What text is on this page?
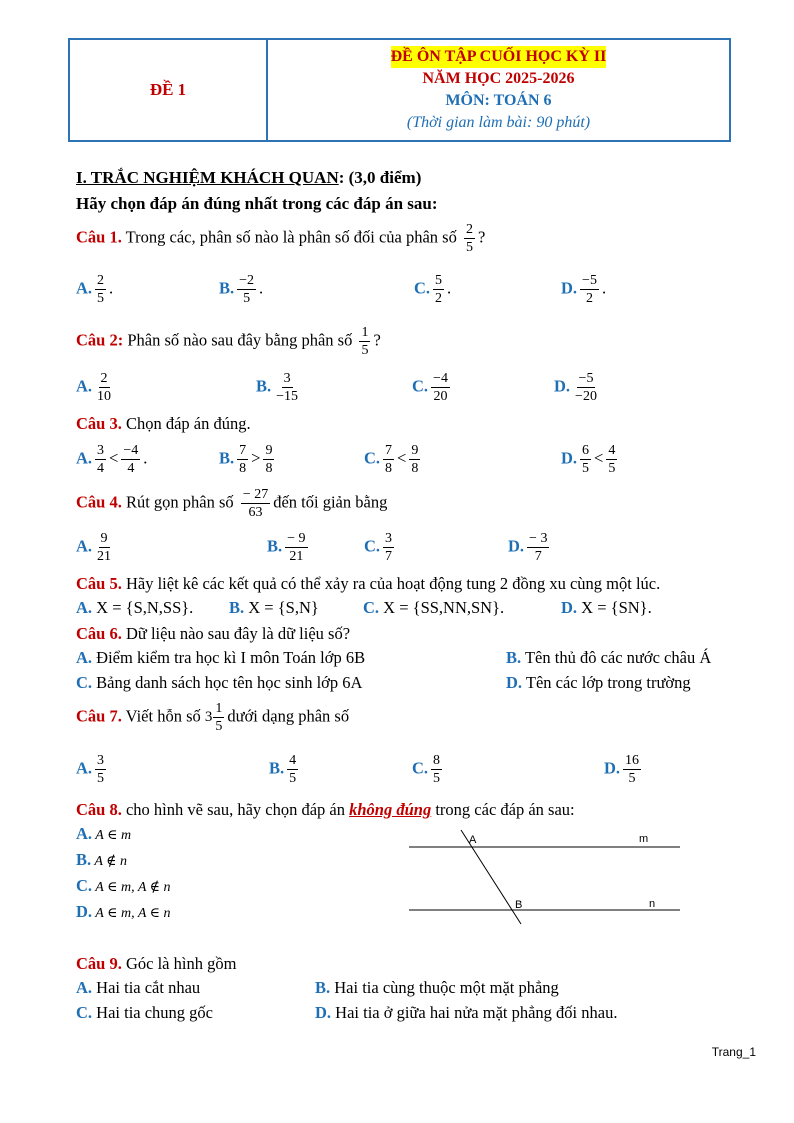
ĐỀ 1
ĐỀ ÔN TẬP CUỐI HỌC KỲ II
NĂM HỌC 2025-2026
MÔN: TOÁN 6
(Thời gian làm bài: 90 phút)
I. TRẮC NGHIỆM KHÁCH QUAN: (3,0 điểm)
Hãy chọn đáp án đúng nhất trong các đáp án sau:
Câu 1. Trong các, phân số nào là phân số đối của phân số $\frac{2}{5}$ ?
A. $\frac{2}{5}$ .	B. $\frac{-2}{5}$ .	C. $\frac{5}{2}$ .	D. $\frac{-5}{2}$ .
Câu 2: Phân số nào sau đây bằng phân số $\frac{1}{5}$ ?
A. $\frac{2}{10}$	B. $\frac{3}{-15}$	C. $\frac{-4}{20}$	D. $\frac{-5}{-20}$
Câu 3. Chọn đáp án đúng.
A. $\frac{3}{4} < \frac{-4}{4}$ .	B. $\frac{7}{8} > \frac{9}{8}$	C. $\frac{7}{8} < \frac{9}{8}$	D. $\frac{6}{5} < \frac{4}{5}$
Câu 4. Rút gọn phân số $\frac{- 27}{63}$ đến tối giản bằng
A. $\frac{9}{21}$	B. $\frac{- 9}{21}$	C. $\frac{3}{7}$	D. $\frac{- 3}{7}$
Câu 5. Hãy liệt kê các kết quả có thể xảy ra của hoạt động tung 2 đồng xu cùng một lúc.
A. X = {S,N,SS}. B. X = {S,N}	C. X = {SS,NN,SN}.	D. X = {SN}.
Câu 6. Dữ liệu nào sau đây là dữ liệu số?
A. Điểm kiểm tra học kì I môn Toán lớp 6B	B. Tên thủ đô các nước châu Á
C. Bảng danh sách học tên học sinh lớp 6A	D. Tên các lớp trong trường
Câu 7. Viết hỗn số $3 \frac{1}{5}$ dưới dạng phân số
A. $\frac{3}{5}$	B. $\frac{4}{5}$	C. $\frac{8}{5}$	D. $\frac{16}{5}$
Câu 8. cho hình vẽ sau, hãy chọn đáp án không đúng trong các đáp án sau:
A. A ∈ m
B. A ∉ n
C. A ∈ m, A ∉ n
D. A ∈ m, A ∈ n
A
B
m
n
Câu 9. Góc là hình gồm
A. Hai tia cắt nhau	B. Hai tia cùng thuộc một mặt phẳng
C. Hai tia chung gốc	D. Hai tia ở giữa hai nửa mặt phẳng đối nhau.
Trang_1
